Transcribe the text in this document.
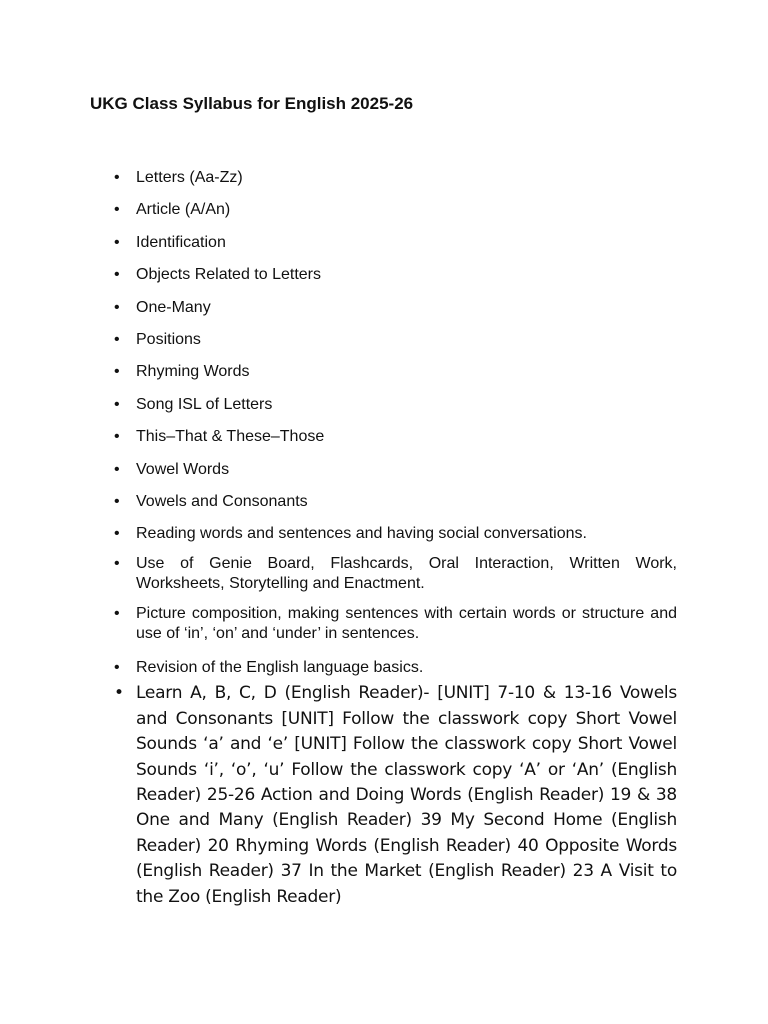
UKG Class Syllabus for English 2025-26
• Letters (Aa-Zz)
• Article (A/An)
• Identification
• Objects Related to Letters
• One-Many
• Positions
• Rhyming Words
• Song ISL of Letters
• This–That & These–Those
• Vowel Words
• Vowels and Consonants
• Reading words and sentences and having social conversations.
• Use of Genie Board, Flashcards, Oral Interaction, Written Work, Worksheets, Storytelling and Enactment.
• Picture composition, making sentences with certain words or structure and use of ‘in’, ‘on’ and ‘under’ in sentences.
• Revision of the English language basics.
• Learn A, B, C, D (English Reader)- [UNIT] 7-10 & 13-16 Vowels and Consonants [UNIT] Follow the classwork copy Short Vowel Sounds ‘a’ and ‘e’ [UNIT] Follow the classwork copy Short Vowel Sounds ‘i’, ‘o’, ‘u’ Follow the classwork copy ‘A’ or ‘An’ (English Reader) 25-26 Action and Doing Words (English Reader) 19 & 38 One and Many (English Reader) 39 My Second Home (English Reader) 20 Rhyming Words (English Reader) 40 Opposite Words (English Reader) 37 In the Market (English Reader) 23 A Visit to the Zoo (English Reader)
